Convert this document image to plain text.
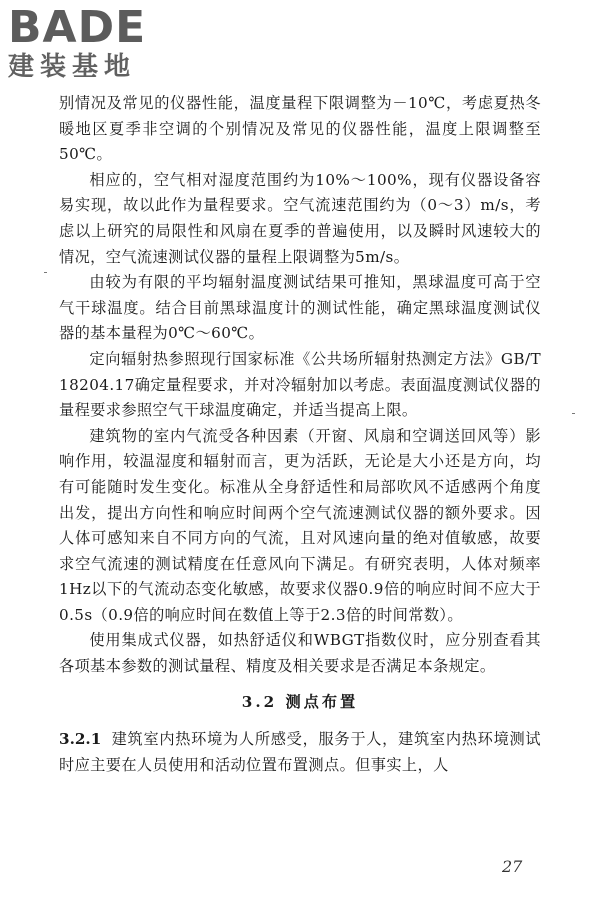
BADE
建装基地

别情况及常见的仪器性能，温度量程下限调整为－10℃，考虑夏热冬暖地区夏季非空调的个别情况及常见的仪器性能，温度上限调整至50℃。

相应的，空气相对湿度范围约为10%～100%，现有仪器设备容易实现，故以此作为量程要求。空气流速范围约为（0～3）m/s，考虑以上研究的局限性和风扇在夏季的普遍使用，以及瞬时风速较大的情况，空气流速测试仪器的量程上限调整为5m/s。

由较为有限的平均辐射温度测试结果可推知，黑球温度可高于空气干球温度。结合目前黑球温度计的测试性能，确定黑球温度测试仪器的基本量程为0℃～60℃。

定向辐射热参照现行国家标准《公共场所辐射热测定方法》GB/T 18204.17确定量程要求，并对冷辐射加以考虑。表面温度测试仪器的量程要求参照空气干球温度确定，并适当提高上限。

建筑物的室内气流受各种因素（开窗、风扇和空调送回风等）影响作用，较温湿度和辐射而言，更为活跃，无论是大小还是方向，均有可能随时发生变化。标准从全身舒适性和局部吹风不适感两个角度出发，提出方向性和响应时间两个空气流速测试仪器的额外要求。因人体可感知来自不同方向的气流，且对风速向量的绝对值敏感，故要求空气流速的测试精度在任意风向下满足。有研究表明，人体对频率1Hz以下的气流动态变化敏感，故要求仪器0.9倍的响应时间不应大于0.5s（0.9倍的响应时间在数值上等于2.3倍的时间常数）。

使用集成式仪器，如热舒适仪和WBGT指数仪时，应分别查看其各项基本参数的测试量程、精度及相关要求是否满足本条规定。

3.2 测点布置

3.2.1 建筑室内热环境为人所感受，服务于人，建筑室内热环境测试时应主要在人员使用和活动位置布置测点。但事实上，人

27
